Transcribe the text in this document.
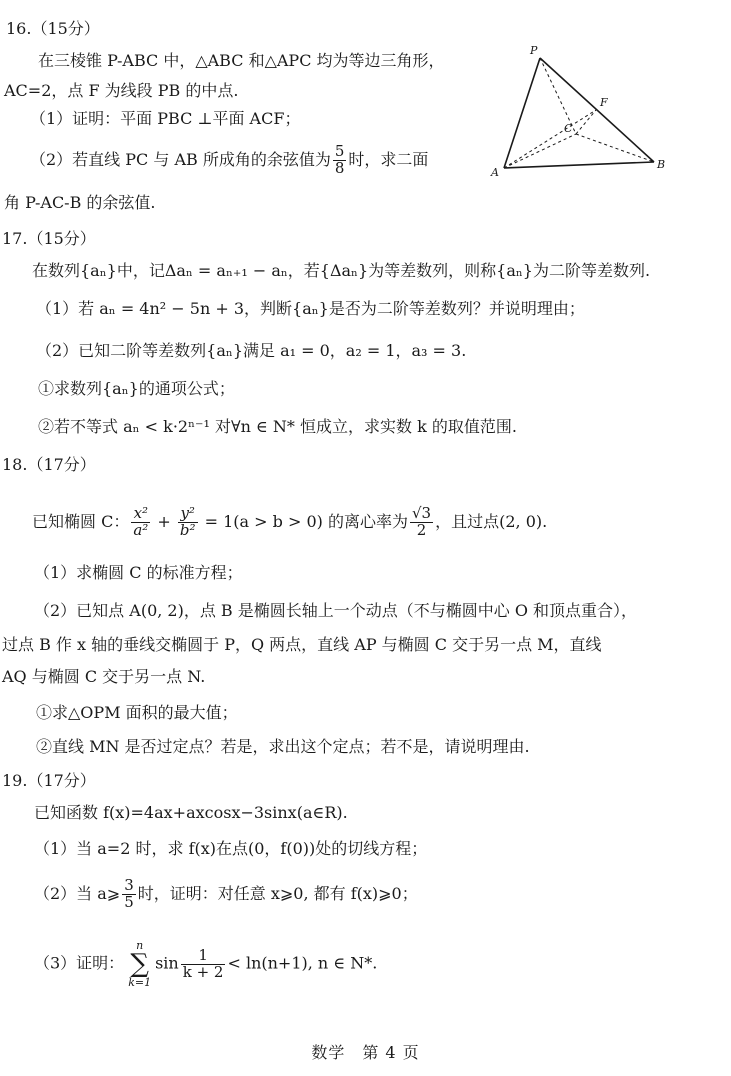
16.（15分）
在三棱锥 P-ABC 中，△ABC 和△APC 均为等边三角形，
AC=2，点 F 为线段 PB 的中点.
（1）证明：平面 PBC ⊥平面 ACF；
（2）若直线 PC 与 AB 所成角的余弦值为 $\frac{5}{8}$ 时，求二面
角 P-AC-B 的余弦值.
P
F
C
A
B
17.（15分）
在数列{aₙ}中，记Δaₙ = aₙ₊₁ − aₙ，若{Δaₙ}为等差数列，则称{aₙ}为二阶等差数列.
（1）若 aₙ = 4n² − 5n + 3，判断{aₙ}是否为二阶等差数列？并说明理由；
（2）已知二阶等差数列{aₙ}满足 a₁ = 0，a₂ = 1，a₃ = 3.
①求数列{aₙ}的通项公式；
②若不等式 aₙ < k·2ⁿ⁻¹ 对∀n ∈ N* 恒成立，求实数 k 的取值范围.
18.（17分）
已知椭圆 C： $\frac{\text{x²}}{\text{a²}} + \frac{\text{y²}}{\text{b²}} = 1(a > b > 0)$ 的离心率为 $\frac{√3}{2}$ ，且过点(2, 0).
（1）求椭圆 C 的标准方程；
（2）已知点 A(0, 2)，点 B 是椭圆长轴上一个动点（不与椭圆中心 O 和顶点重合），
过点 B 作 x 轴的垂线交椭圆于 P，Q 两点，直线 AP 与椭圆 C 交于另一点 M，直线
AQ 与椭圆 C 交于另一点 N.
①求△OPM 面积的最大值；
②直线 MN 是否过定点？若是，求出这个定点；若不是，请说明理由.
19.（17分）
已知函数 f(x)=4ax+axcosx−3sinx(a∈R).
（1）当 a=2 时，求 f(x)在点(0，f(0))处的切线方程；
（2）当 a⩾ $\frac{3}{5}$ 时，证明：对任意 x⩾0, 都有 f(x)⩾0；
（3）证明：
n
∑
k=1
$\sin \frac{1}{k + 2} < \ln(n+1)$, n ∈ N*.
数学　第 4 页
